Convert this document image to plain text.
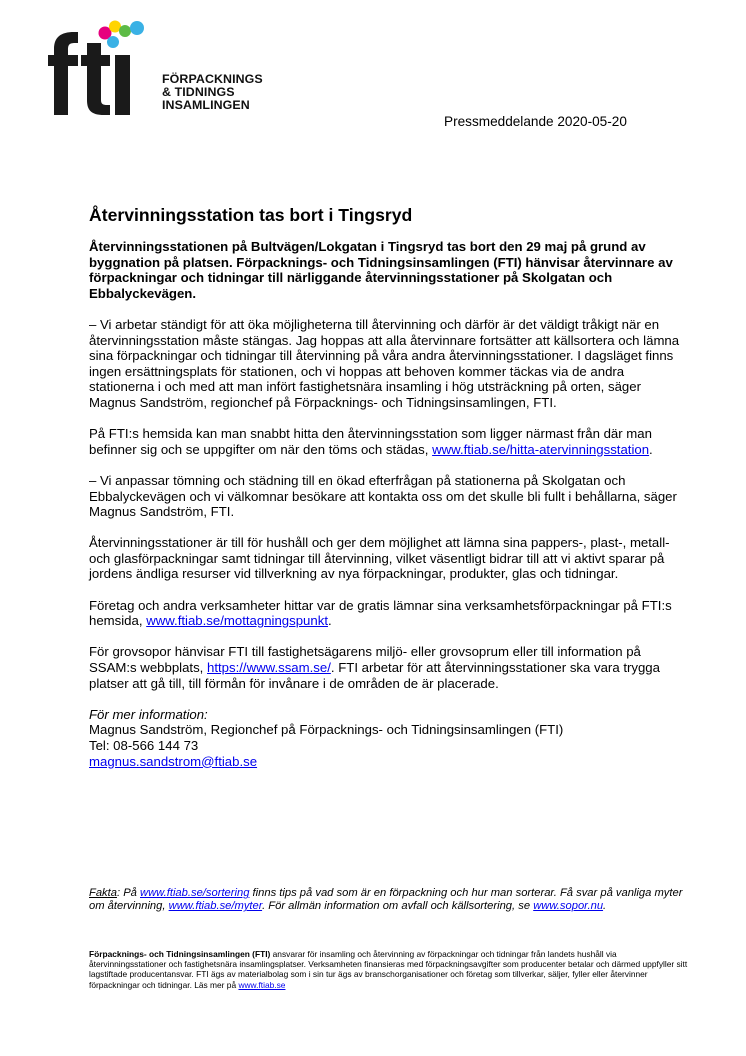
FÖRPACKNINGS
& TIDNINGS
INSAMLINGEN
Pressmeddelande 2020-05-20
Återvinningsstation tas bort i Tingsryd

Återvinningsstationen på Bultvägen/Lokgatan i Tingsryd tas bort den 29 maj på grund av byggnation på platsen. Förpacknings- och Tidningsinsamlingen (FTI) hänvisar återvinnare av förpackningar och tidningar till närliggande återvinningsstationer på Skolgatan och Ebbalyckevägen.

– Vi arbetar ständigt för att öka möjligheterna till återvinning och därför är det väldigt tråkigt när en återvinningsstation måste stängas. Jag hoppas att alla återvinnare fortsätter att källsortera och lämna sina förpackningar och tidningar till återvinning på våra andra återvinningsstationer. I dagsläget finns ingen ersättningsplats för stationen, och vi hoppas att behoven kommer täckas via de andra stationerna i och med att man infört fastighetsnära insamling i hög utsträckning på orten, säger Magnus Sandström, regionchef på Förpacknings- och Tidningsinsamlingen, FTI.

På FTI:s hemsida kan man snabbt hitta den återvinningsstation som ligger närmast från där man befinner sig och se uppgifter om när den töms och städas, www.ftiab.se/hitta-atervinningsstation.

– Vi anpassar tömning och städning till en ökad efterfrågan på stationerna på Skolgatan och Ebbalyckevägen och vi välkomnar besökare att kontakta oss om det skulle bli fullt i behållarna, säger Magnus Sandström, FTI.

Återvinningsstationer är till för hushåll och ger dem möjlighet att lämna sina pappers-, plast-, metall- och glasförpackningar samt tidningar till återvinning, vilket väsentligt bidrar till att vi aktivt sparar på jordens ändliga resurser vid tillverkning av nya förpackningar, produkter, glas och tidningar.

Företag och andra verksamheter hittar var de gratis lämnar sina verksamhetsförpackningar på FTI:s hemsida, www.ftiab.se/mottagningspunkt.

För grovsopor hänvisar FTI till fastighetsägarens miljö- eller grovsoprum eller till information på SSAM:s webbplats, https://www.ssam.se/. FTI arbetar för att återvinningsstationer ska vara trygga platser att gå till, till förmån för invånare i de områden de är placerade.

För mer information:

Magnus Sandström, Regionchef på Förpacknings- och Tidningsinsamlingen (FTI)

Tel: 08-566 144 73

magnus.sandstrom@ftiab.se

Fakta: På www.ftiab.se/sortering finns tips på vad som är en förpackning och hur man sorterar. Få svar på vanliga myter om återvinning, www.ftiab.se/myter. För allmän information om avfall och källsortering, se www.sopor.nu.
Förpacknings- och Tidningsinsamlingen (FTI) ansvarar för insamling och återvinning av förpackningar och tidningar från landets hushåll via återvinningsstationer och fastighetsnära insamlingsplatser. Verksamheten finansieras med förpackningsavgifter som producenter betalar och därmed uppfyller sitt lagstiftade producentansvar. FTI ägs av materialbolag som i sin tur ägs av branschorganisationer och företag som tillverkar, säljer, fyller eller återvinner förpackningar och tidningar. Läs mer på www.ftiab.se
